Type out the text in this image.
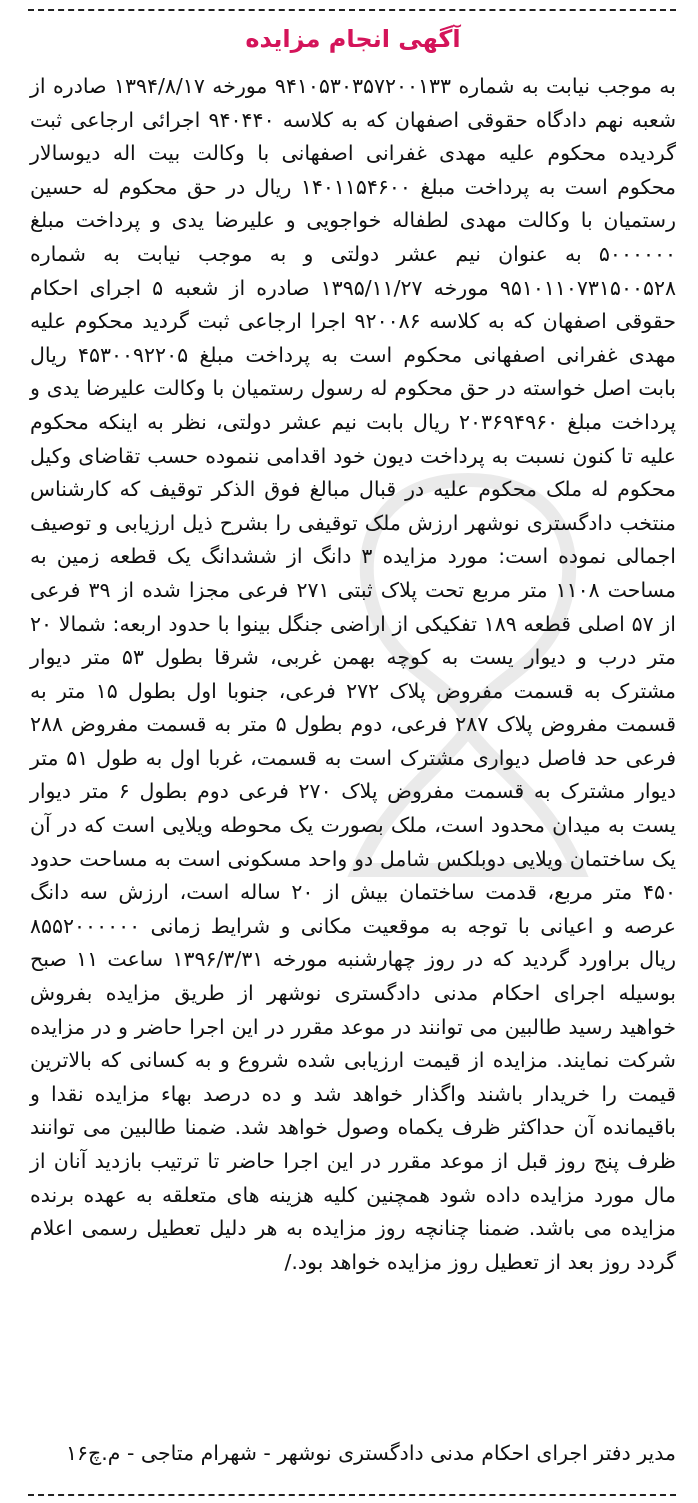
آگهی انجام مزایده

به موجب نیابت به شماره ۹۴۱۰۵۳۰۳۵۷۲۰۰۱۳۳ مورخه ۱۳۹۴/۸/۱۷ صادره از شعبه نهم دادگاه حقوقی اصفهان که به کلاسه ۹۴۰۴۴۰ اجرائی ارجاعی ثبت گردیده محکوم علیه مهدی غفرانی اصفهانی با وکالت بیت اله دیوسالار محکوم است به پرداخت مبلغ ۱۴۰۱۱۵۴۶۰۰ ریال در حق محکوم له حسین رستمیان با وکالت مهدی لطفاله خواجویی و علیرضا یدی و پرداخت مبلغ ۵۰۰۰۰۰۰ به عنوان نیم عشر دولتی و به موجب نیابت به شماره ۹۵۱۰۱۱۰۷۳۱۵۰۰۵۲۸ مورخه ۱۳۹۵/۱۱/۲۷ صادره از شعبه ۵ اجرای احکام حقوقی اصفهان که به کلاسه ۹۲۰۰۸۶ اجرا ارجاعی ثبت گردید محکوم علیه مهدی غفرانی اصفهانی محکوم است به پرداخت مبلغ ۴۵۳۰۰۹۲۲۰۵ ریال بابت اصل خواسته در حق محکوم له رسول رستمیان با وکالت علیرضا یدی و پرداخت مبلغ ۲۰۳۶۹۴۹۶۰ ریال بابت نیم عشر دولتی، نظر به اینکه محکوم علیه تا کنون نسبت به پرداخت دیون خود اقدامی ننموده حسب تقاضای وکیل محکوم له ملک محکوم علیه در قبال مبالغ فوق الذکر توقیف که کارشناس منتخب دادگستری نوشهر ارزش ملک توقیفی را بشرح ذیل ارزیابی و توصیف اجمالی نموده است: مورد مزایده ۳ دانگ از ششدانگ یک قطعه زمین به مساحت ۱۱۰۸ متر مربع تحت پلاک ثبتی ۲۷۱ فرعی مجزا شده از ۳۹ فرعی از ۵۷ اصلی قطعه ۱۸۹ تفکیکی از اراضی جنگل بینوا با حدود اربعه: شمالا ۲۰ متر درب و دیوار یست به کوچه بهمن غربی، شرقا بطول ۵۳ متر دیوار مشترک به قسمت مفروض پلاک ۲۷۲ فرعی، جنوبا اول بطول ۱۵ متر به قسمت مفروض پلاک ۲۸۷ فرعی، دوم بطول ۵ متر به قسمت مفروض ۲۸۸ فرعی حد فاصل دیواری مشترک است به قسمت، غربا اول به طول ۵۱ متر دیوار مشترک به قسمت مفروض پلاک ۲۷۰ فرعی دوم بطول ۶ متر دیوار یست به میدان محدود است، ملک بصورت یک محوطه ویلایی است که در آن یک ساختمان ویلایی دوبلکس شامل دو واحد مسکونی است به مساحت حدود ۴۵۰ متر مربع، قدمت ساختمان بیش از ۲۰ ساله است، ارزش سه دانگ عرصه و اعیانی با توجه به موقعیت مکانی و شرایط زمانی ۸۵۵۲۰۰۰۰۰۰ ریال براورد گردید که در روز چهارشنبه مورخه ۱۳۹۶/۳/۳۱ ساعت ۱۱ صبح بوسیله اجرای احکام مدنی دادگستری نوشهر از طریق مزایده بفروش خواهید رسید طالبین می توانند در موعد مقرر در این اجرا حاضر و در مزایده شرکت نمایند. مزایده از قیمت ارزیابی شده شروع و به کسانی که بالاترین قیمت را خریدار باشند واگذار خواهد شد و ده درصد بهاء مزایده نقدا و باقیمانده آن حداکثر ظرف یکماه وصول خواهد شد. ضمنا طالبین می توانند ظرف پنج روز قبل از موعد مقرر در این اجرا حاضر تا ترتیب بازدید آنان از مال مورد مزایده داده شود همچنین کلیه هزینه های متعلقه به عهده برنده مزایده می باشد. ضمنا چنانچه روز مزایده به هر دلیل تعطیل رسمی اعلام گردد روز بعد از تعطیل روز مزایده خواهد بود./

مدیر دفتر اجرای احکام مدنی دادگستری نوشهر - شهرام متاجی - م.چ۱۶
